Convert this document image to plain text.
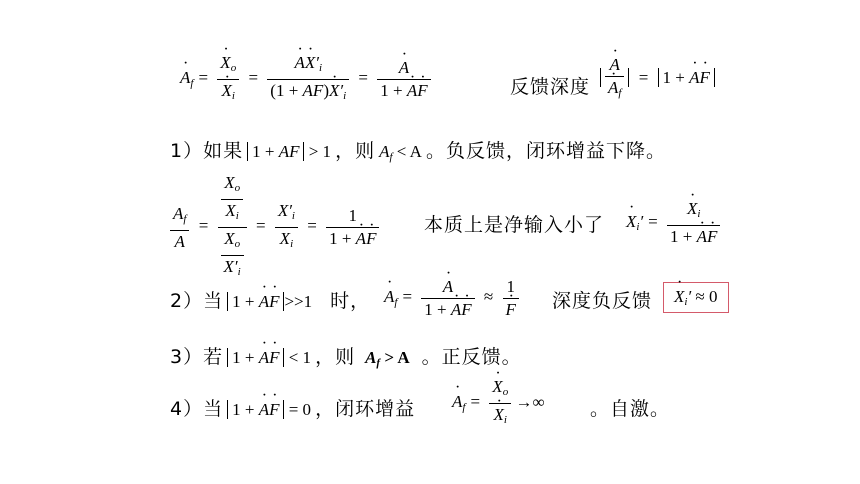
· $A_f$ = · $X_o$
· $X_i$ = · $\frac{A\cdot X'_i}{(1 + AF)\cdot X'_i}$ = · $\frac{A}{1 + \cdot A\cdot F}$	反馈深度 · A
· $A_f = 1$ + · A· F
1）如果 1 + AF > 1 ，则 $A_f < A$ 。负反馈，闭环增益下降。
$\frac{A_f}{A} = \frac{\frac{X_o}{X_i}}{\frac{X_o}{X'_i}} = \frac{X'_i}{X_i} = \frac{1}{1 + \cdot A\cdot F}$ 本质上是净输入小了 · $X_i'$ = · $\frac{X_i}{1 + \cdot A\cdot F}$
2）当 1 + · A· F >>1 时， · $A_f$ = · $\frac{A}{1 + \cdot A\cdot F} \approx 1$
· F 深度负反馈	· $X_i' \approx 0$
3）若 1 + · A· F < 1 ，则 $A_f > A$ 。正反馈。
4）当 1 + · A· F = 0 ，闭环增益 · $A_f$ = · $X_o$
· $X_i$ →∞ 。自激。
